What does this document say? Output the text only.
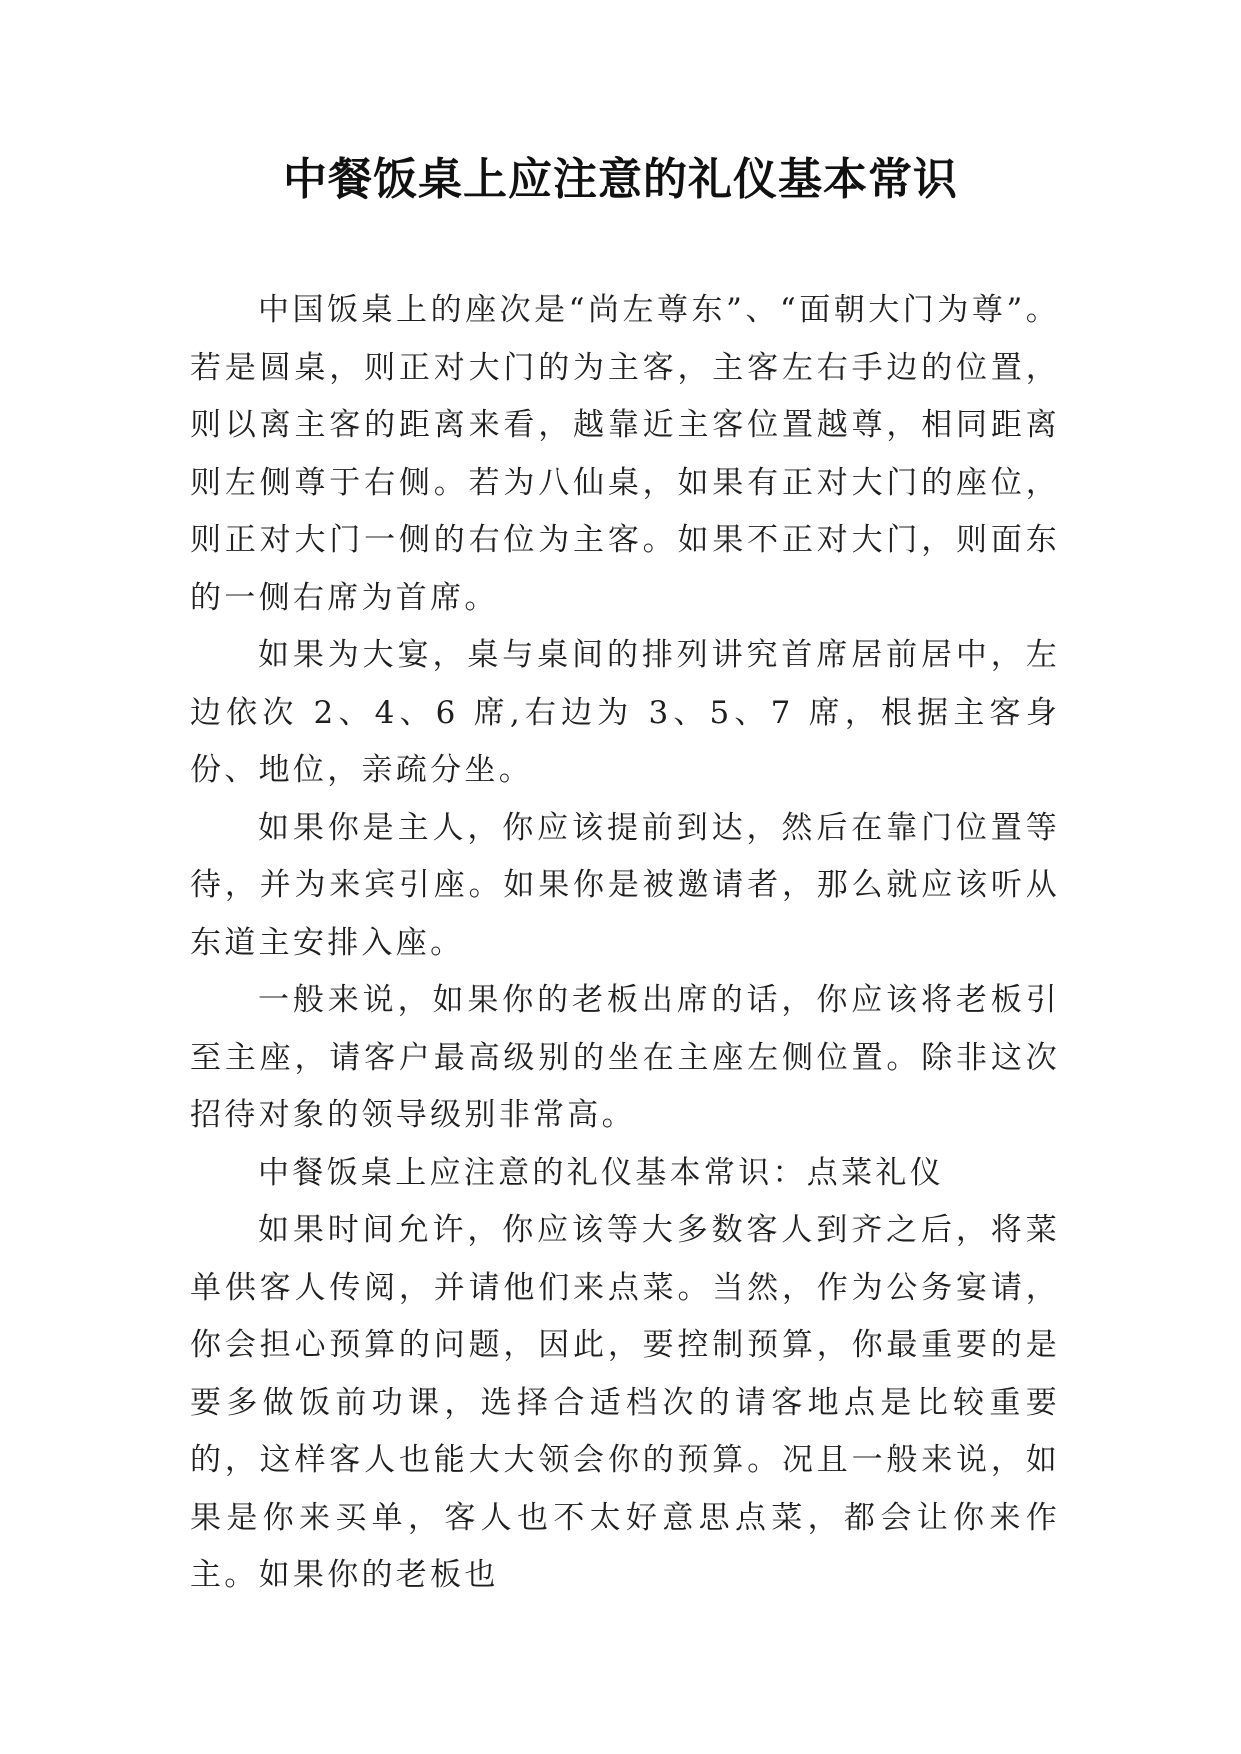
中餐饭桌上应注意的礼仪基本常识

中国饭桌上的座次是“尚左尊东”、“面朝大门为尊”。若是圆桌，则正对大门的为主客，主客左右手边的位置，则以离主客的距离来看，越靠近主客位置越尊，相同距离则左侧尊于右侧。若为八仙桌，如果有正对大门的座位，则正对大门一侧的右位为主客。如果不正对大门，则面东的一侧右席为首席。

如果为大宴，桌与桌间的排列讲究首席居前居中，左边依次 2、4、6 席,右边为 3、5、7 席，根据主客身份、地位，亲疏分坐。

如果你是主人，你应该提前到达，然后在靠门位置等待，并为来宾引座。如果你是被邀请者，那么就应该听从东道主安排入座。

一般来说，如果你的老板出席的话，你应该将老板引至主座，请客户最高级别的坐在主座左侧位置。除非这次招待对象的领导级别非常高。

中餐饭桌上应注意的礼仪基本常识：点菜礼仪

如果时间允许，你应该等大多数客人到齐之后，将菜单供客人传阅，并请他们来点菜。当然，作为公务宴请，你会担心预算的问题，因此，要控制预算，你最重要的是要多做饭前功课，选择合适档次的请客地点是比较重要的，这样客人也能大大领会你的预算。况且一般来说，如果是你来买单，客人也不太好意思点菜，都会让你来作主。如果你的老板也
